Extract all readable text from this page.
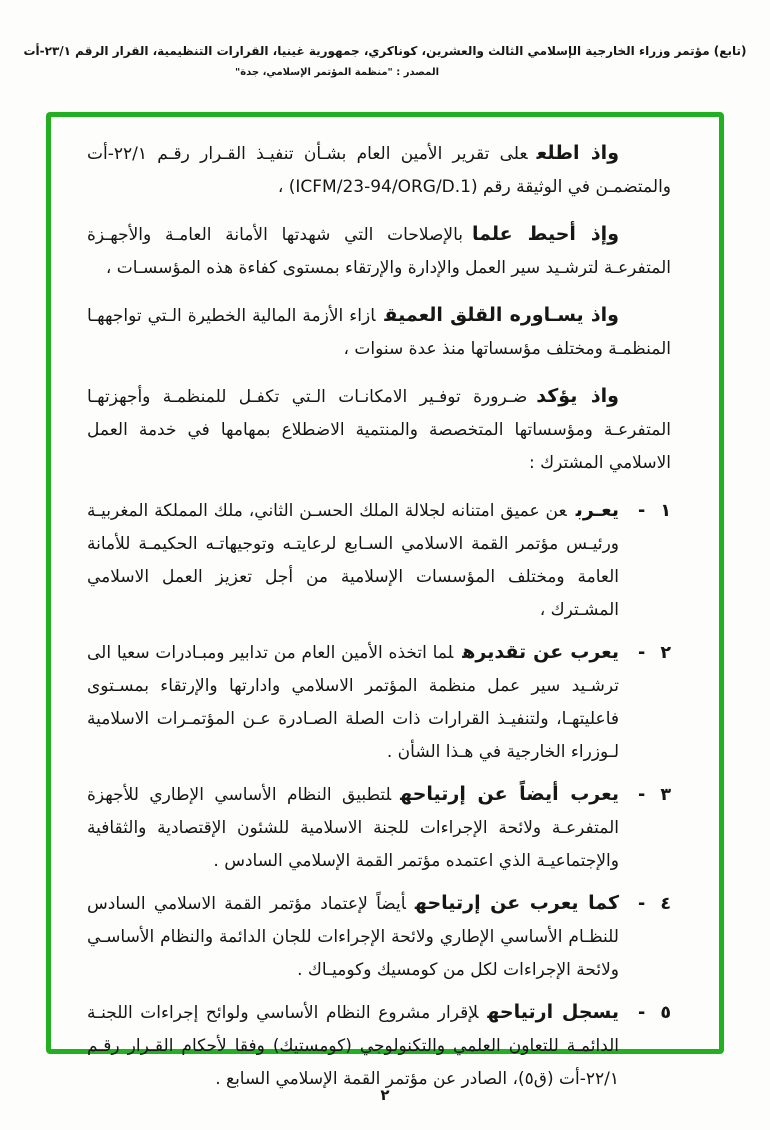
(تابع) مؤتمر وزراء الخارجية الإسلامي الثالث والعشرين، كوناكري، جمهورية غينيا، القرارات التنظيمية، القرار الرقم ٢٣/١-أت
المصدر : "منظمة المؤتمر الإسلامي، جدة"

واذ اطلععلى تقرير الأمين العام بشـأن تنفيـذ القـرار رقـم ٢٢/١-أت والمتضمـن في الوثيقة رقم (ICFM/23-94/ORG/D.1) ،

وإذ أحيط علمابالإصلاحات التي شهدتها الأمانة العامـة والأجهـزة المتفرعـة لترشـيد سير العمل والإدارة والإرتقاء بمستوى كفاءة هذه المؤسسـات ،

واذ يسـاوره القلق العميقازاء الأزمة المالية الخطيرة الـتي تواجههـا المنظمـة ومختلف مؤسساتها منذ عدة سنوات ،

واذ يؤكدضـرورة توفـير الامكانـات الـتي تكفـل للمنظمـة وأجهزتهـا المتفرعـة ومؤسساتها المتخصصة والمنتمية الاضطلاع بمهامها في خدمة العمل الاسلامي المشترك :

١ -

يعـربعن عميق امتنانه لجلالة الملك الحسـن الثاني، ملك المملكة المغربيـة ورئيـس مؤتمر القمة الاسلامي السـابع لرعايتـه وتوجيهاتـه الحكيمـة للأمانة العامة ومختلف المؤسسات الإسلامية من أجل تعزيز العمل الاسلامي المشـترك ،

٢ -

يعرب عن تقديرهلما اتخذه الأمين العام من تدابير ومبـادرات سعيا الى ترشـيد سير عمل منظمة المؤتمر الاسلامي وادارتها والإرتقاء بمسـتوى فاعليتهـا، ولتنفيـذ القرارات ذات الصلة الصـادرة عـن المؤتمـرات الاسلامية لـوزراء الخارجية في هـذا الشأن .

٣ -

يعرب أيضاً عن إرتياحهلتطبيق النظام الأساسي الإطاري للأجهزة المتفرعـة ولائحة الإجراءات للجنة الاسلامية للشئون الإقتصادية والثقافية والإجتماعيـة الذي اعتمده مؤتمر القمة الإسلامي السادس .

٤ -

كما يعرب عن إرتياحهأيضاً لإعتماد مؤتمر القمة الاسلامي السادس للنظـام الأساسي الإطاري ولائحة الإجراءات للجان الدائمة والنظام الأساسـي ولائحة الإجراءات لكل من كومسيك وكوميـاك .

٥ -

يسجل ارتياحهلإقرار مشروع النظام الأساسي ولوائح إجراءات اللجنـة الدائمـة للتعاون العلمي والتكنولوجي (كومستيك) وفقا لأحكام القـرار رقـم ٢٢/١-أت (ق٥)، الصادر عن مؤتمر القمة الإسلامي السابع .

٢
